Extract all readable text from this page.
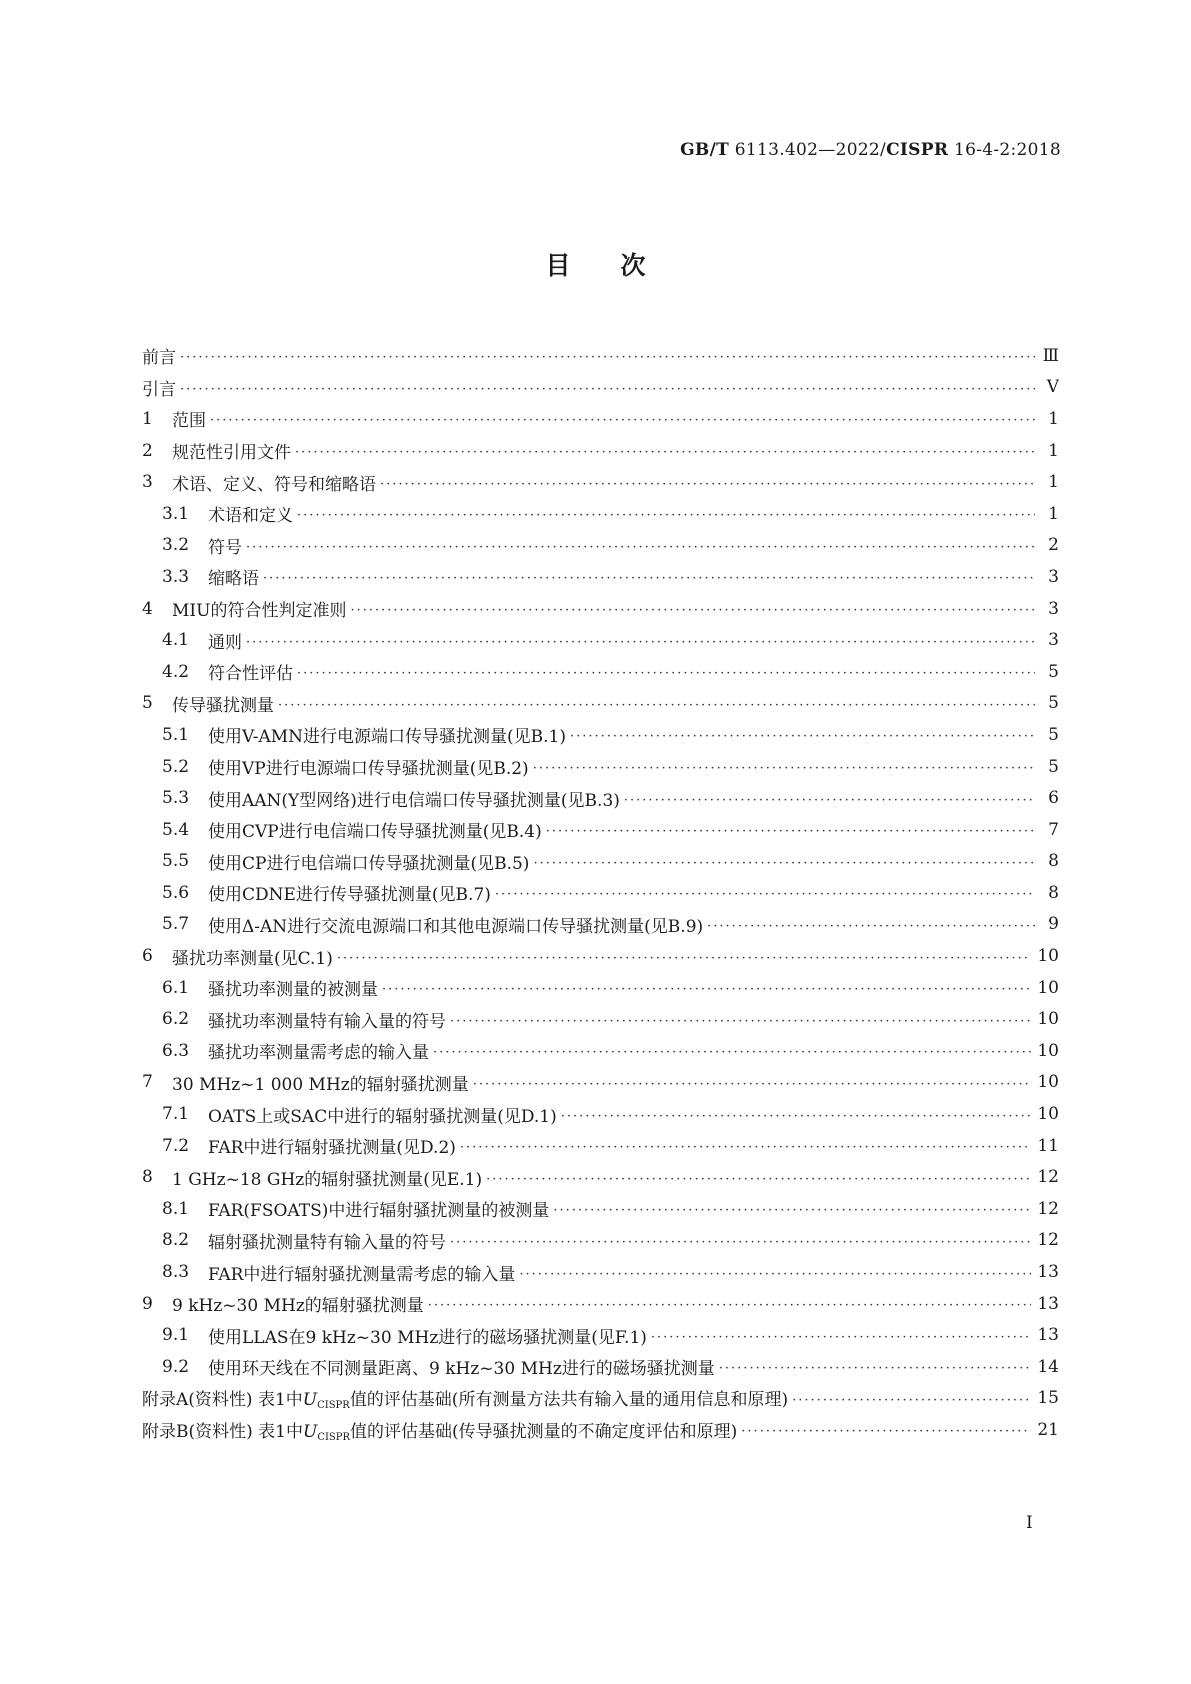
GB/T 6113.402—2022/CISPR 16-4-2:2018
目次
前言 ·····	Ⅲ
引言 ·····	Ⅴ
1	范围 ·····	1
2	规范性引用文件 ·····	1
3	术语、定义、符号和缩略语 ·····	1
3.1	术语和定义 ·····	1
3.2	符号 ·····	2
3.3	缩略语 ·····	3
4	MIU的符合性判定准则 ·····	3
4.1	通则 ·····	3
4.2	符合性评估 ·····	5
5	传导骚扰测量 ·····	5
5.1	使用V-AMN进行电源端口传导骚扰测量(见B.1) ·····	5
5.2	使用VP进行电源端口传导骚扰测量(见B.2) ·····	5
5.3	使用AAN(Y型网络)进行电信端口传导骚扰测量(见B.3) ·····	6
5.4	使用CVP进行电信端口传导骚扰测量(见B.4) ·····	7
5.5	使用CP进行电信端口传导骚扰测量(见B.5) ·····	8
5.6	使用CDNE进行传导骚扰测量(见B.7) ·····	8
5.7	使用Δ-AN进行交流电源端口和其他电源端口传导骚扰测量(见B.9) ·····	9
6	骚扰功率测量(见C.1) ·····	10
6.1	骚扰功率测量的被测量 ·····	10
6.2	骚扰功率测量特有输入量的符号 ·····	10
6.3	骚扰功率测量需考虑的输入量 ·····	10
7	30 MHz~1 000 MHz的辐射骚扰测量 ·····	10
7.1	OATS上或SAC中进行的辐射骚扰测量(见D.1) ·····	10
7.2	FAR中进行辐射骚扰测量(见D.2) ·····	11
8	1 GHz~18 GHz的辐射骚扰测量(见E.1) ·····	12
8.1	FAR(FSOATS)中进行辐射骚扰测量的被测量 ·····	12
8.2	辐射骚扰测量特有输入量的符号 ·····	12
8.3	FAR中进行辐射骚扰测量需考虑的输入量 ·····	13
9	9 kHz~30 MHz的辐射骚扰测量 ·····	13
9.1	使用LLAS在9 kHz~30 MHz进行的磁场骚扰测量(见F.1) ·····	13
9.2	使用环天线在不同测量距离、9 kHz~30 MHz进行的磁场骚扰测量 ·····	14
附录A(资料性) 表1中$U_{CISPR}$值的评估基础(所有测量方法共有输入量的通用信息和原理) ·····	15
附录B(资料性) 表1中$U_{CISPR}$值的评估基础(传导骚扰测量的不确定度评估和原理) ·····	21
Ⅰ
